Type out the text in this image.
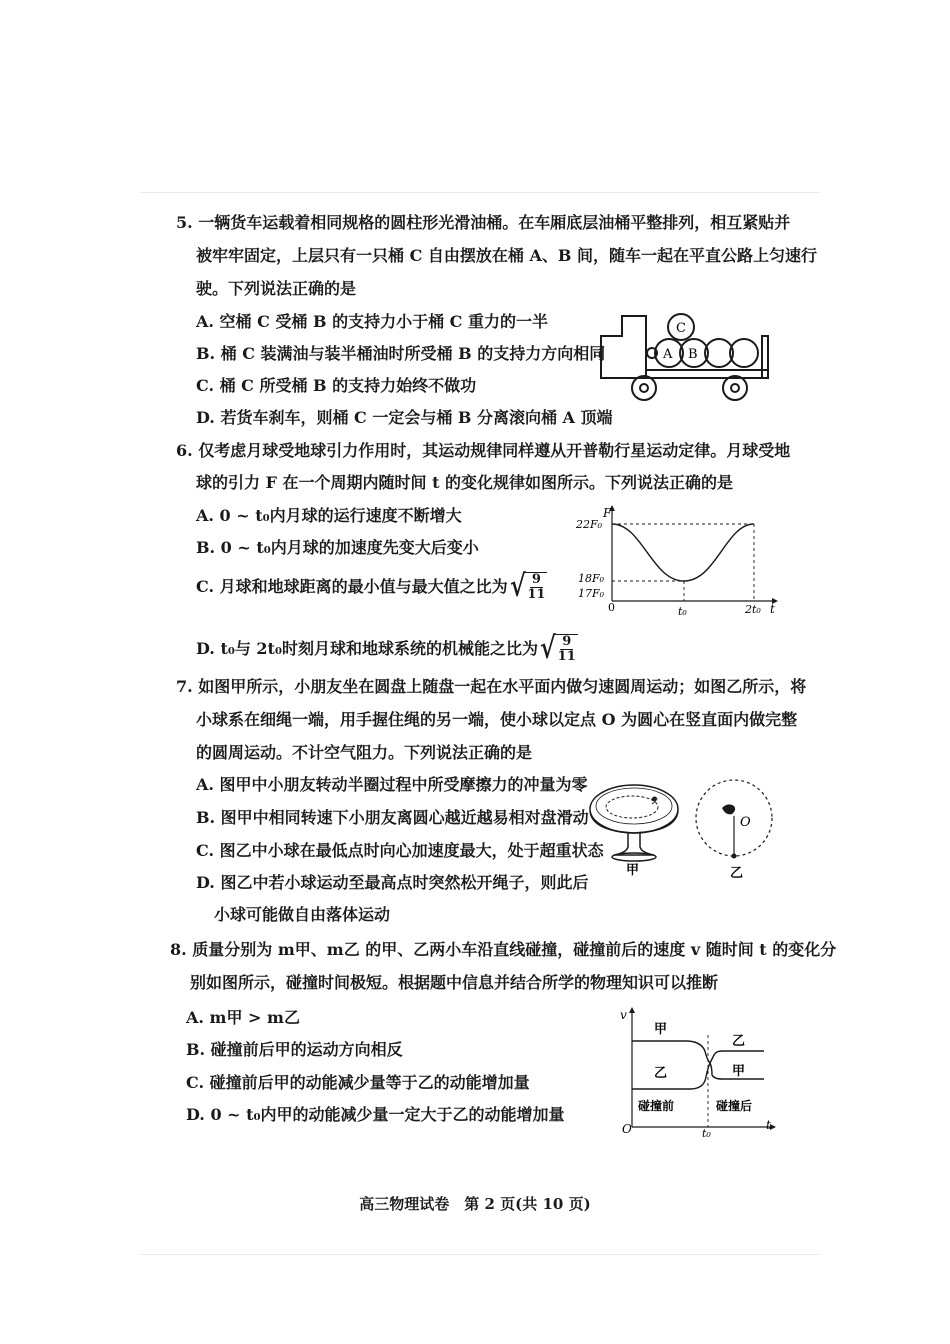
5. 一辆货车运载着相同规格的圆柱形光滑油桶。在车厢底层油桶平整排列，相互紧贴并
被牢牢固定，上层只有一只桶 C 自由摆放在桶 A、B 间，随车一起在平直公路上匀速行
驶。下列说法正确的是
A. 空桶 C 受桶 B 的支持力小于桶 C 重力的一半
B. 桶 C 装满油与装半桶油时所受桶 B 的支持力方向相同
C. 桶 C 所受桶 B 的支持力始终不做功
D. 若货车刹车，则桶 C 一定会与桶 B 分离滚向桶 A 顶端
C
A B
6. 仅考虑月球受地球引力作用时，其运动规律同样遵从开普勒行星运动定律。月球受地
球的引力 F 在一个周期内随时间 t 的变化规律如图所示。下列说法正确的是
A. 0 ~ t₀内月球的运行速度不断增大
B. 0 ~ t₀内月球的加速度先变大后变小
C. 月球和地球距离的最小值与最大值之比为 √ $\frac{9}{11}$
D. t₀与 2t₀时刻月球和地球系统的机械能之比为 √ $\frac{9}{11}$
F
t
22F₀
18F₀
17F₀
0	t₀	2t₀
7. 如图甲所示，小朋友坐在圆盘上随盘一起在水平面内做匀速圆周运动；如图乙所示，将
小球系在细绳一端，用手握住绳的另一端，使小球以定点 O 为圆心在竖直面内做完整
的圆周运动。不计空气阻力。下列说法正确的是
A. 图甲中小朋友转动半圈过程中所受摩擦力的冲量为零
B. 图甲中相同转速下小朋友离圆心越近越易相对盘滑动
C. 图乙中小球在最低点时向心加速度最大，处于超重状态
D. 图乙中若小球运动至最高点时突然松开绳子，则此后
小球可能做自由落体运动
甲
O
乙
8. 质量分别为 m甲、m乙 的甲、乙两小车沿直线碰撞，碰撞前后的速度 v 随时间 t 的变化分
别如图所示，碰撞时间极短。根据题中信息并结合所学的物理知识可以推断
A. m甲 > m乙
B. 碰撞前后甲的运动方向相反
C. 碰撞前后甲的动能减少量等于乙的动能增加量
D. 0 ~ t₀内甲的动能减少量一定大于乙的动能增加量
v
t
O	t₀
甲
乙
乙
甲
碰撞前	碰撞后
高三物理试卷　第 2 页(共 10 页)
